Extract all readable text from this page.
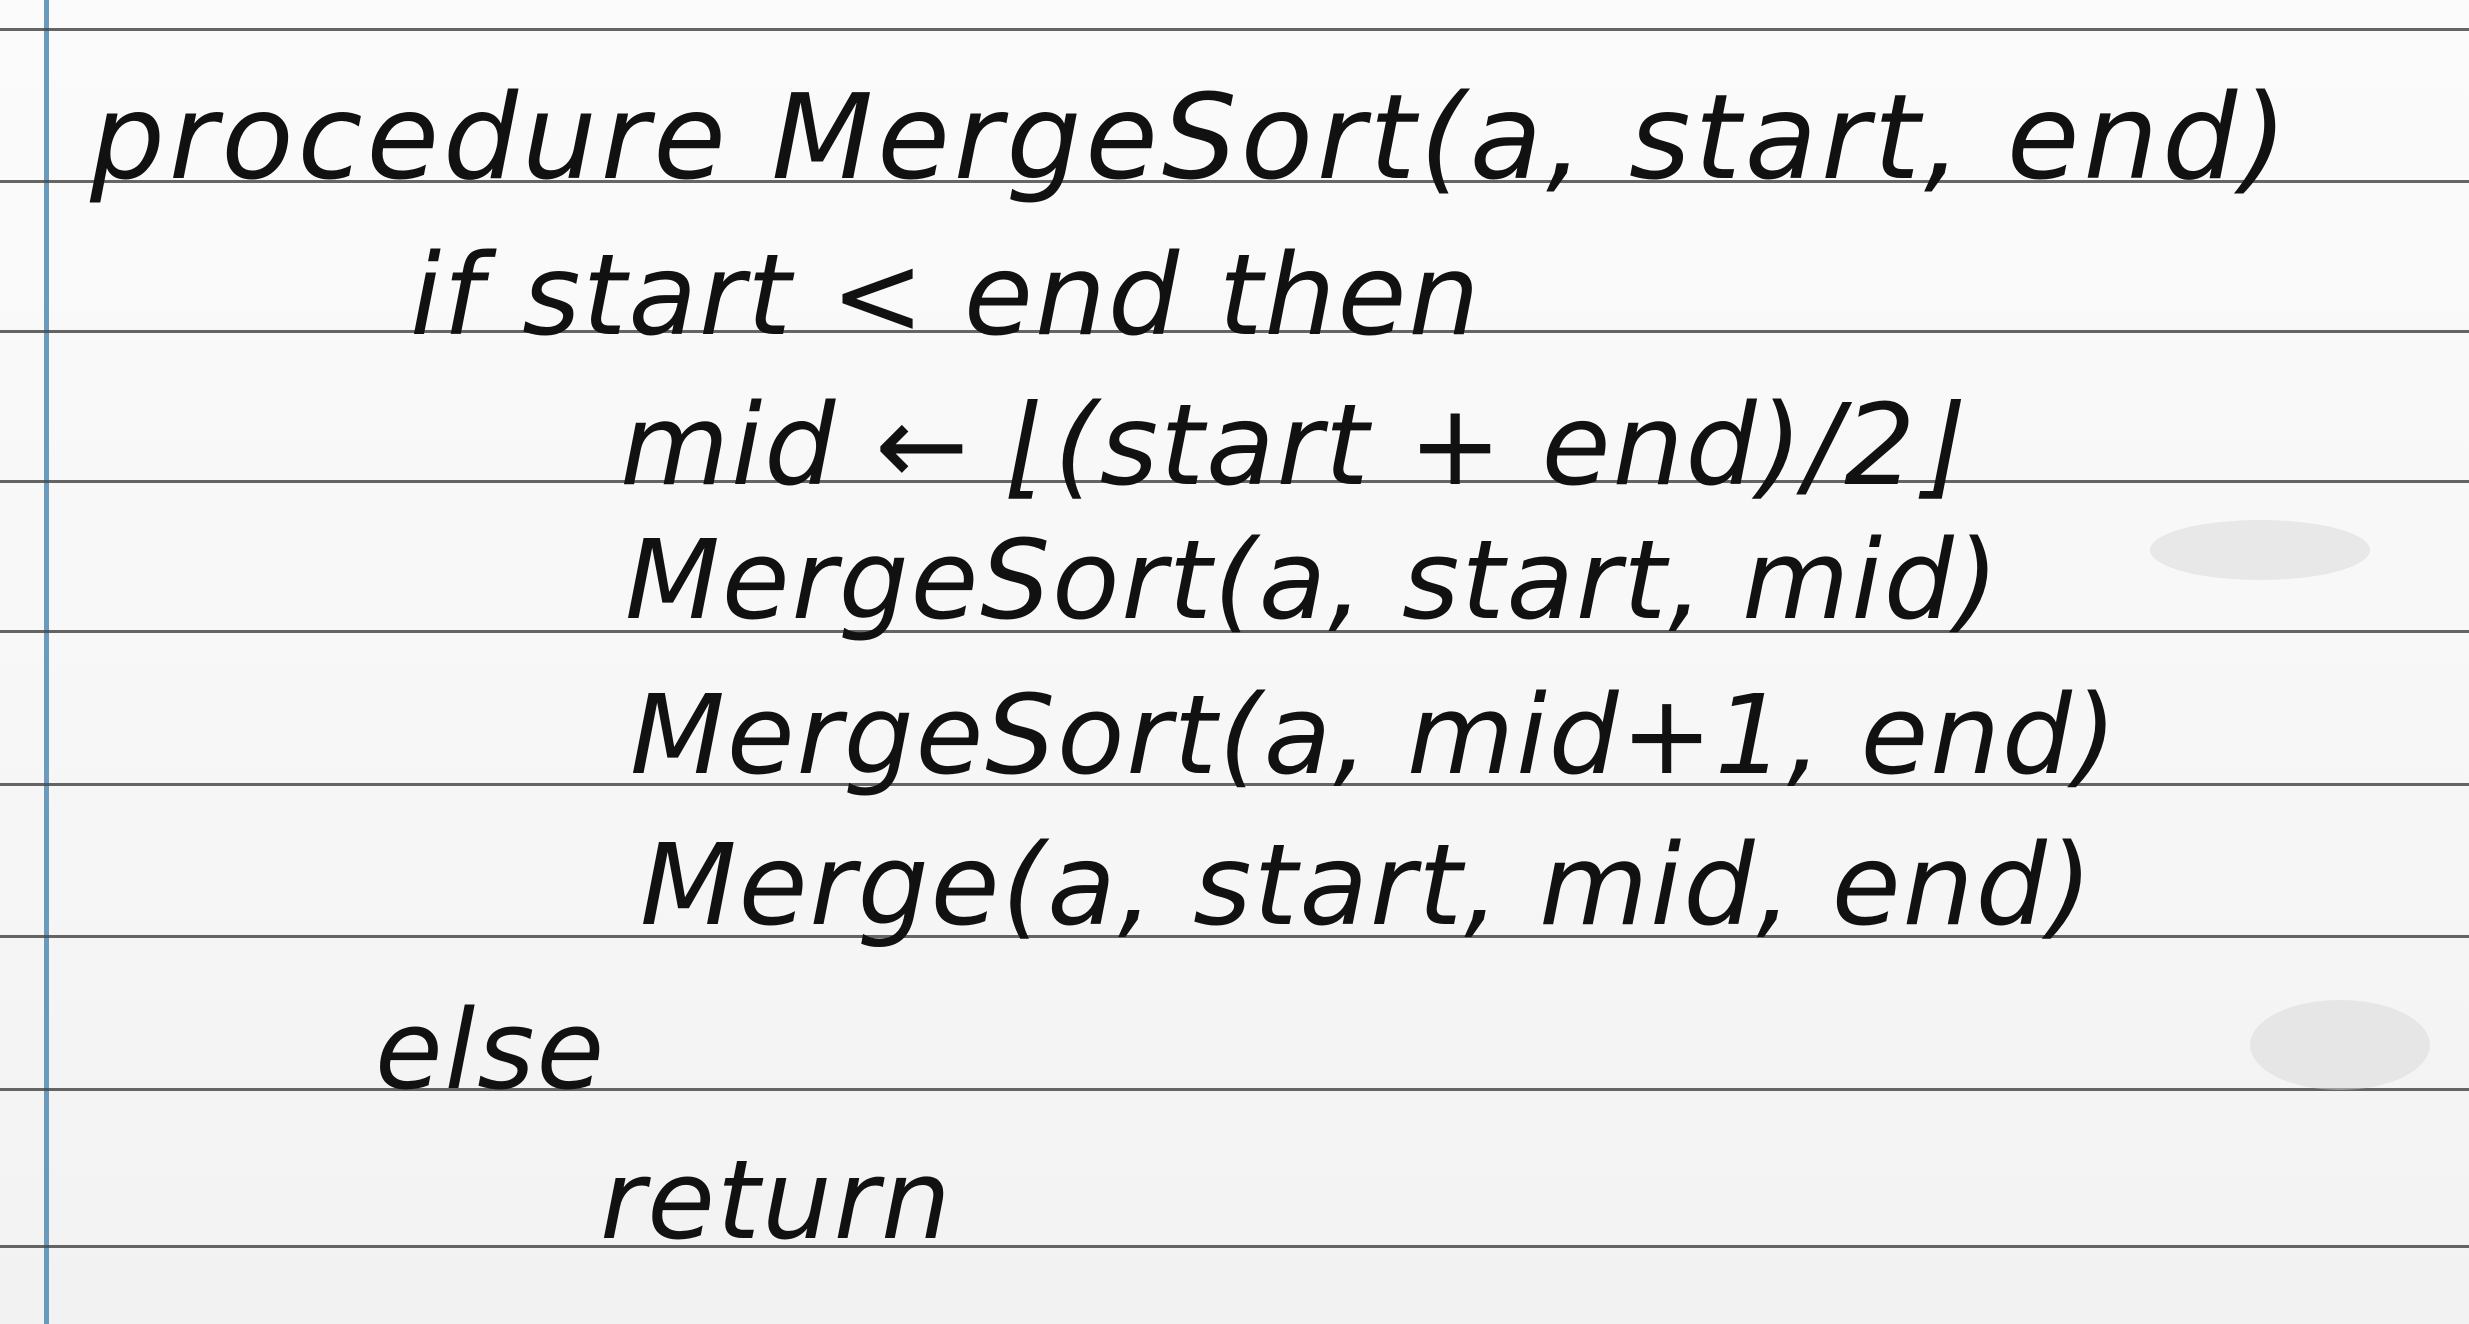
procedure MergeSort(a, start, end)
if start < end then
mid ← ⌊(start + end)/2⌋
MergeSort(a, start, mid)
MergeSort(a, mid+1, end)
Merge(a, start, mid, end)
else
return
